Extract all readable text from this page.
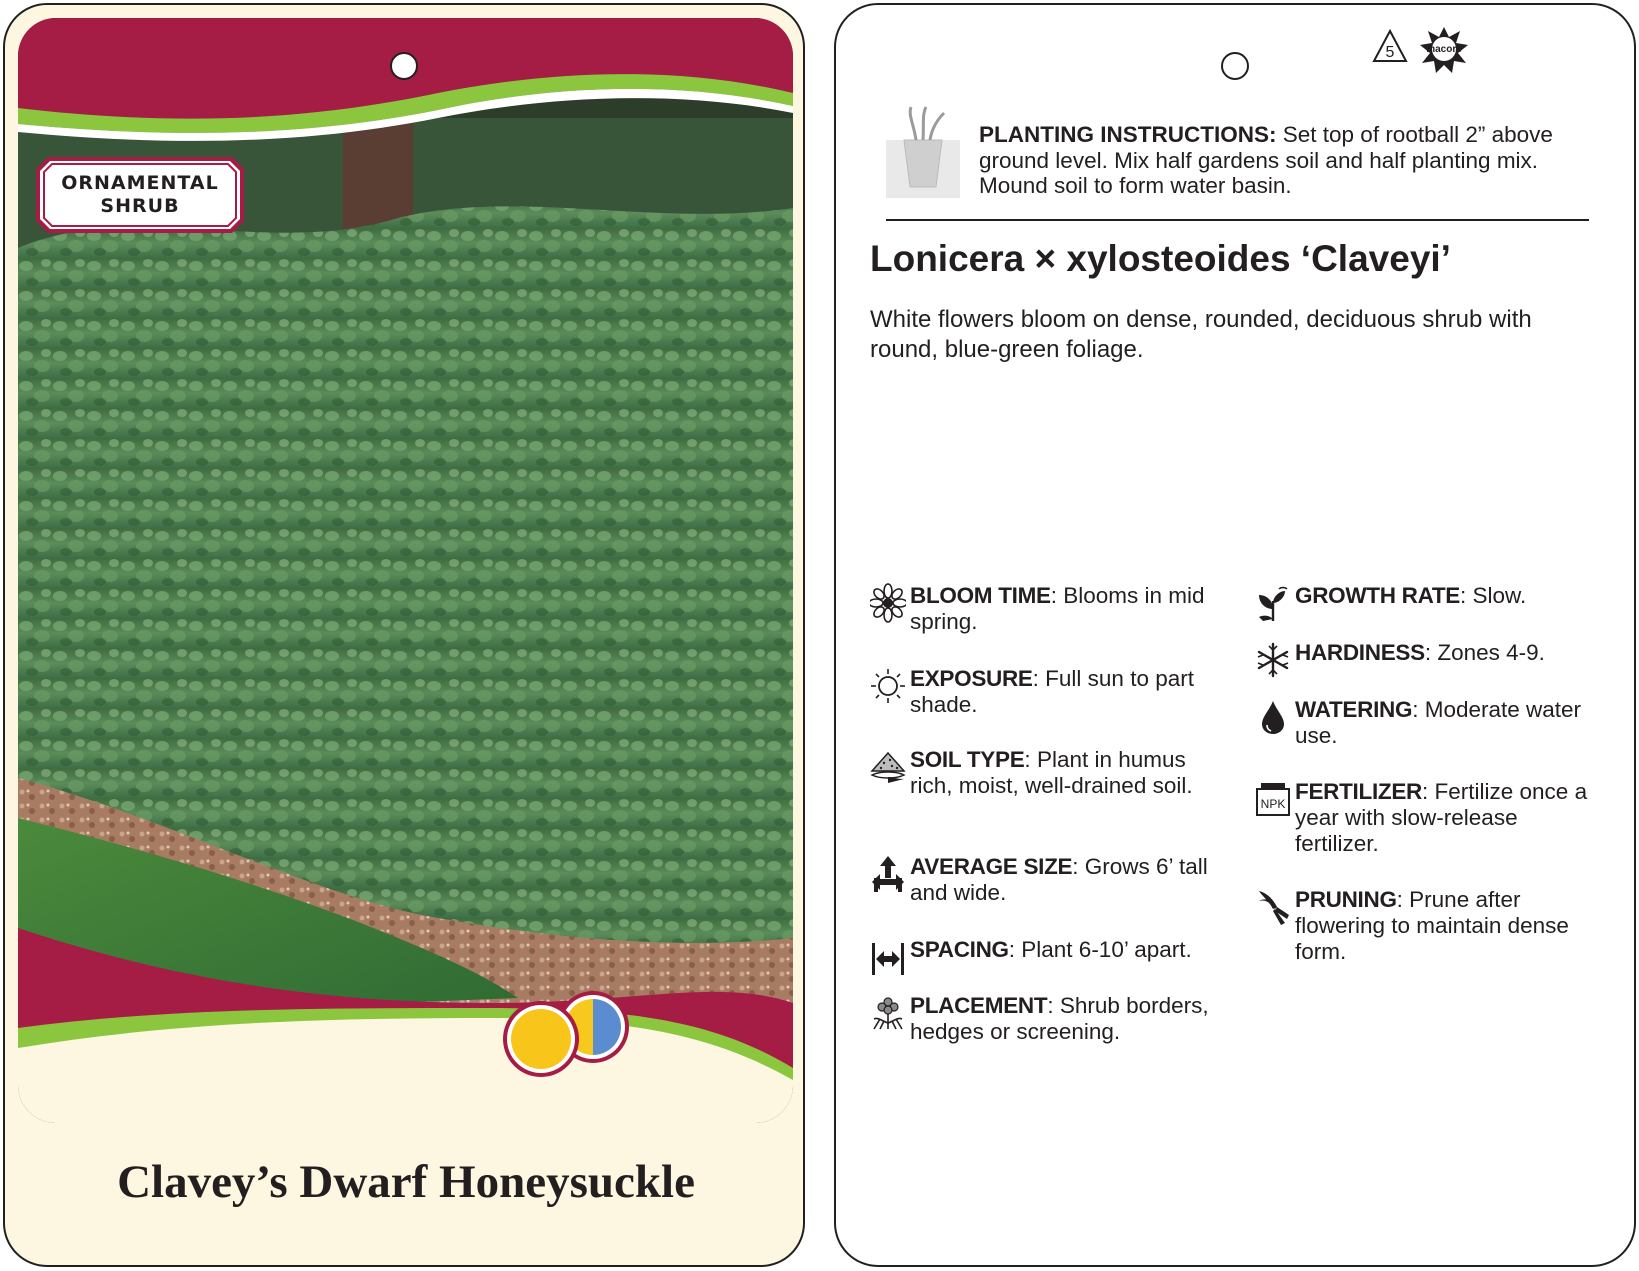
ORNAMENTAL
SHRUB
Clavey’s Dwarf Honeysuckle
5	macore
PLANTING INSTRUCTIONS: Set top of rootball 2” above ground level. Mix half gardens soil and half planting mix. Mound soil to form water basin.
Lonicera × xylosteoides ‘Claveyi’
White flowers bloom on dense, rounded, deciduous shrub with round, blue-green foliage.
BLOOM TIME: Blooms in mid spring.
EXPOSURE: Full sun to part shade.
SOIL TYPE: Plant in humus rich, moist, well-drained soil.
AVERAGE SIZE: Grows 6’ tall and wide.
SPACING: Plant 6-10’ apart.
PLACEMENT: Shrub borders, hedges or screening.
GROWTH RATE: Slow.
HARDINESS: Zones 4-9.
WATERING: Moderate water use.
NPK FERTILIZER: Fertilize once a year with slow-release fertilizer.
PRUNING: Prune after flowering to maintain dense form.
